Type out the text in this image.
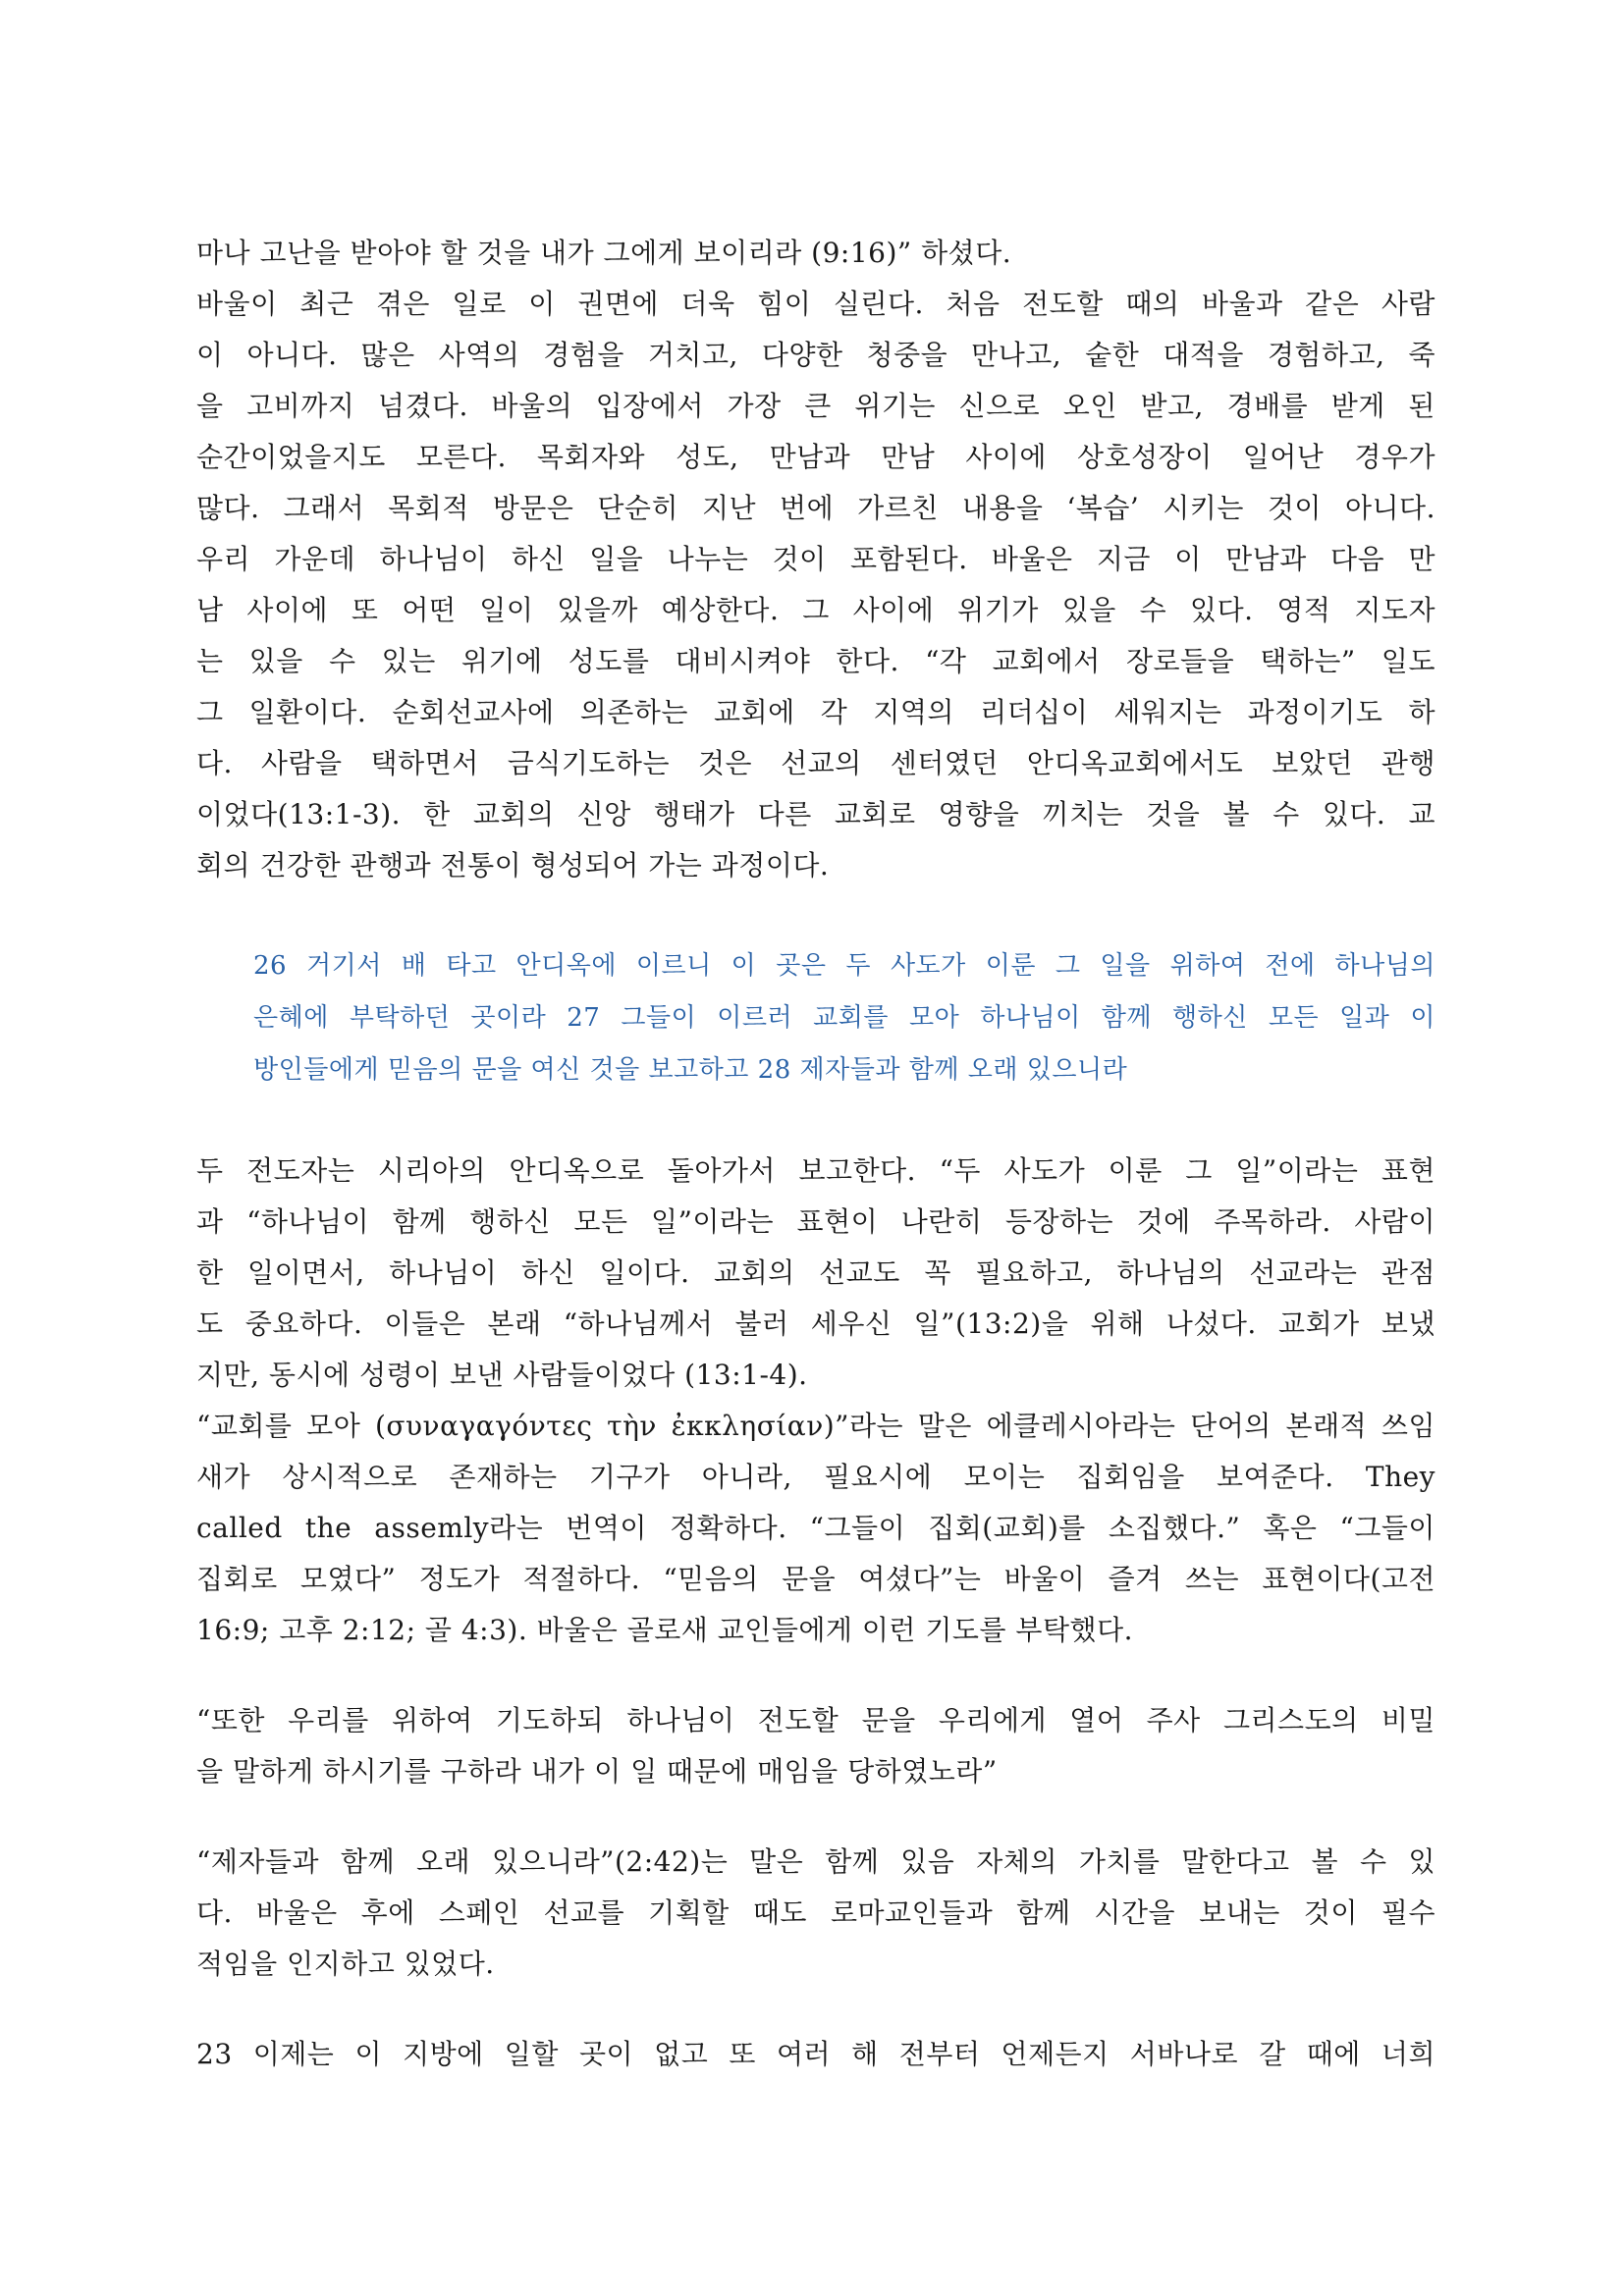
마나 고난을 받아야 할 것을 내가 그에게 보이리라 (9:16)” 하셨다.
바울이 최근 겪은 일로 이 권면에 더욱 힘이 실린다. 처음 전도할 때의 바울과 같은 사람
이 아니다. 많은 사역의 경험을 거치고, 다양한 청중을 만나고, 숱한 대적을 경험하고, 죽
을 고비까지 넘겼다. 바울의 입장에서 가장 큰 위기는 신으로 오인 받고, 경배를 받게 된
순간이었을지도 모른다. 목회자와 성도, 만남과 만남 사이에 상호성장이 일어난 경우가
많다. 그래서 목회적 방문은 단순히 지난 번에 가르친 내용을 ‘복습’ 시키는 것이 아니다.
우리 가운데 하나님이 하신 일을 나누는 것이 포함된다. 바울은 지금 이 만남과 다음 만
남 사이에 또 어떤 일이 있을까 예상한다. 그 사이에 위기가 있을 수 있다. 영적 지도자
는 있을 수 있는 위기에 성도를 대비시켜야 한다. “각 교회에서 장로들을 택하는” 일도
그 일환이다. 순회선교사에 의존하는 교회에 각 지역의 리더십이 세워지는 과정이기도 하
다. 사람을 택하면서 금식기도하는 것은 선교의 센터였던 안디옥교회에서도 보았던 관행
이었다(13:1-3). 한 교회의 신앙 행태가 다른 교회로 영향을 끼치는 것을 볼 수 있다. 교
회의 건강한 관행과 전통이 형성되어 가는 과정이다.
26 거기서 배 타고 안디옥에 이르니 이 곳은 두 사도가 이룬 그 일을 위하여 전에 하나님의
은혜에 부탁하던 곳이라 27 그들이 이르러 교회를 모아 하나님이 함께 행하신 모든 일과 이
방인들에게 믿음의 문을 여신 것을 보고하고 28 제자들과 함께 오래 있으니라
두 전도자는 시리아의 안디옥으로 돌아가서 보고한다. “두 사도가 이룬 그 일”이라는 표현
과 “하나님이 함께 행하신 모든 일”이라는 표현이 나란히 등장하는 것에 주목하라. 사람이
한 일이면서, 하나님이 하신 일이다. 교회의 선교도 꼭 필요하고, 하나님의 선교라는 관점
도 중요하다. 이들은 본래 “하나님께서 불러 세우신 일”(13:2)을 위해 나섰다. 교회가 보냈
지만, 동시에 성령이 보낸 사람들이었다 (13:1-4).
“교회를 모아 (συναγαγόντες τὴν ἐκκλησίαν)”라는 말은 에클레시아라는 단어의 본래적 쓰임
새가 상시적으로 존재하는 기구가 아니라, 필요시에 모이는 집회임을 보여준다. They
called the assemly라는 번역이 정확하다. “그들이 집회(교회)를 소집했다.” 혹은 “그들이
집회로 모였다” 정도가 적절하다. “믿음의 문을 여셨다”는 바울이 즐겨 쓰는 표현이다(고전
16:9; 고후 2:12; 골 4:3). 바울은 골로새 교인들에게 이런 기도를 부탁했다.
“또한 우리를 위하여 기도하되 하나님이 전도할 문을 우리에게 열어 주사 그리스도의 비밀
을 말하게 하시기를 구하라 내가 이 일 때문에 매임을 당하였노라”
“제자들과 함께 오래 있으니라”(2:42)는 말은 함께 있음 자체의 가치를 말한다고 볼 수 있
다. 바울은 후에 스페인 선교를 기획할 때도 로마교인들과 함께 시간을 보내는 것이 필수
적임을 인지하고 있었다.
23 이제는 이 지방에 일할 곳이 없고 또 여러 해 전부터 언제든지 서바나로 갈 때에 너희
